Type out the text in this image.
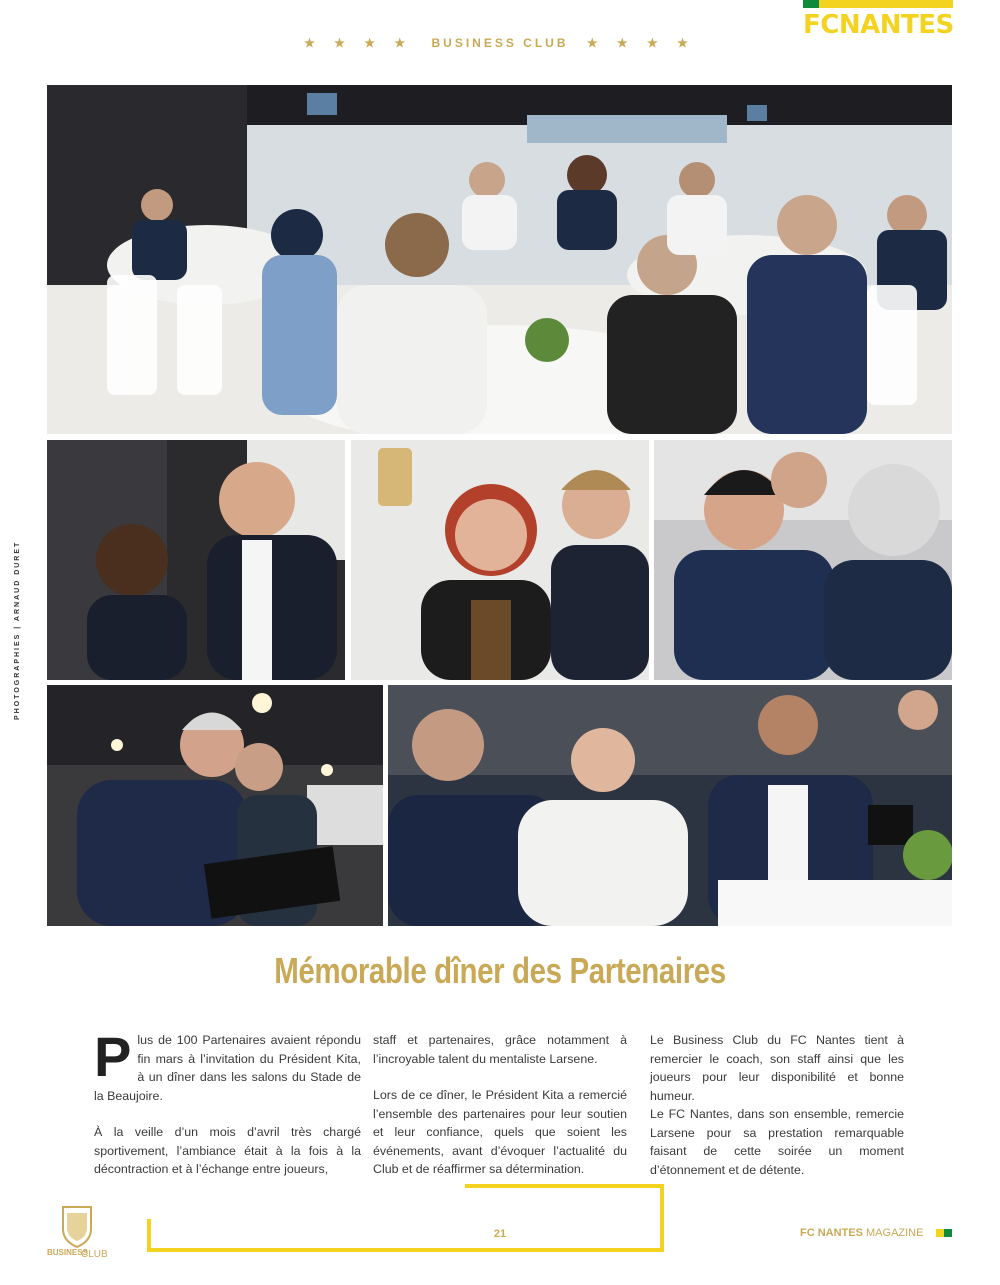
FCNANTES
★ ★ ★ ★ BUSINESS CLUB ★ ★ ★ ★
PHOTOGRAPHIES | ARNAUD DURET
Mémorable dîner des Partenaires

P lus de 100 Partenaires avaient répondu fin mars à l’invitation du Président Kita, à un dîner dans les salons du Stade de la Beaujoire.

À la veille d’un mois d’avril très chargé sportivement, l’ambiance était à la fois à la décontraction et à l’échange entre joueurs,

staff et partenaires, grâce notamment à l’incroyable talent du mentaliste Larsene.

Lors de ce dîner, le Président Kita a remercié l’ensemble des partenaires pour leur soutien et leur confiance, quels que soient les événements, avant d’évoquer l’actualité du Club et de réaffirmer sa détermination.

Le Business Club du FC Nantes tient à remercier le coach, son staff ainsi que les joueurs pour leur disponibilité et bonne humeur.

Le FC Nantes, dans son ensemble, remercie Larsene pour sa prestation remarquable faisant de cette soirée un moment d’étonnement et de détente.

21
BUSINESS
CLUB
FC NANTES MAGAZINE
